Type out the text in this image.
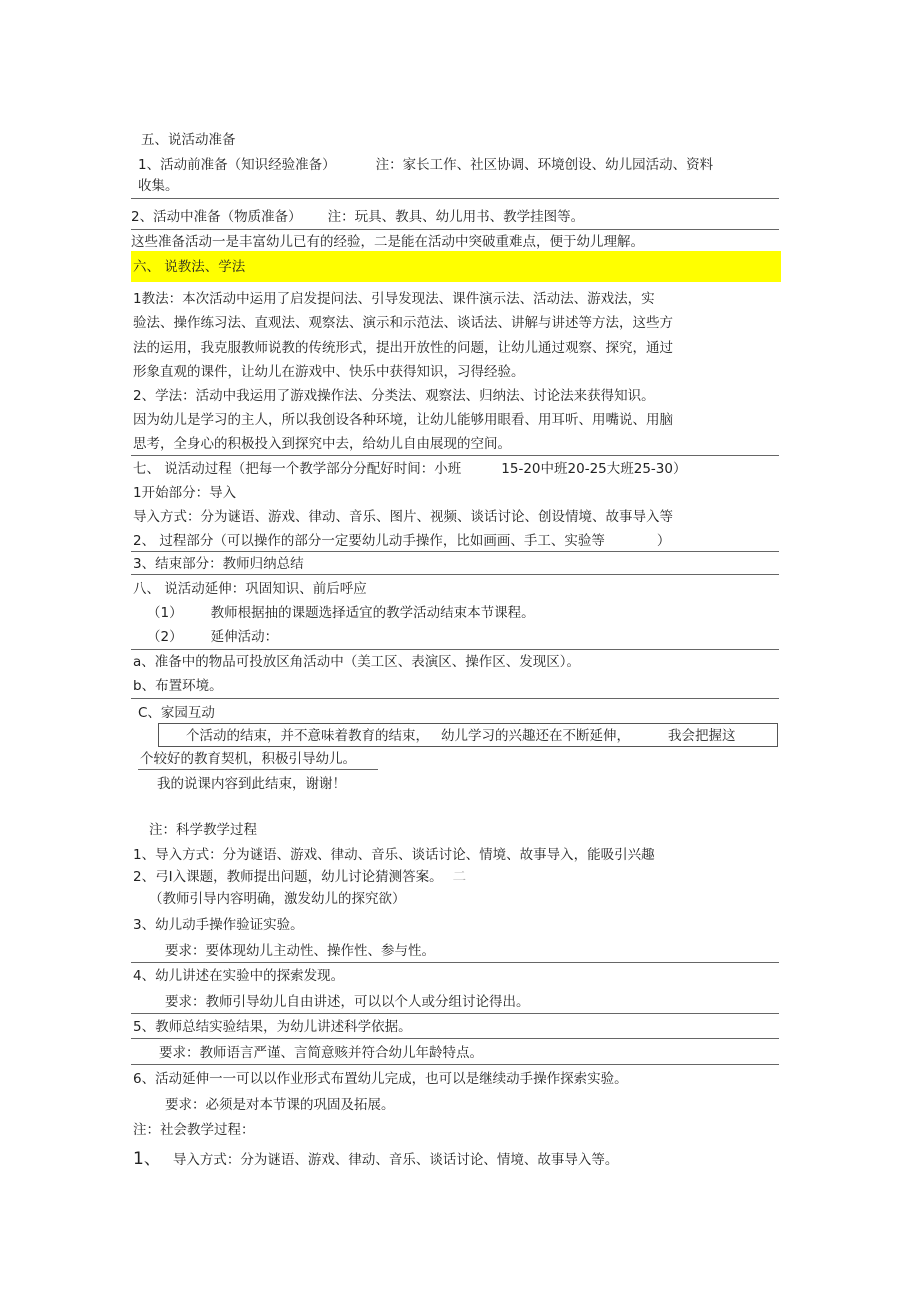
五、说活动准备
1、活动前准备（知识经验准备）	注：家长工作、社区协调、环境创设、幼儿园活动、资料
收集。
2、活动中准备（物质准备） 注：玩具、教具、幼儿用书、教学挂图等。
这些准备活动一是丰富幼儿已有的经验，二是能在活动中突破重难点，便于幼儿理解。
六、 说教法、学法
1教法：本次活动中运用了启发提问法、引导发现法、课件演示法、活动法、游戏法，实
验法、操作练习法、直观法、观察法、演示和示范法、谈话法、讲解与讲述等方法，这些方
法的运用，我克服教师说教的传统形式，提出开放性的问题，让幼儿通过观察、探究，通过
形象直观的课件，让幼儿在游戏中、快乐中获得知识，习得经验。
2、学法：活动中我运用了游戏操作法、分类法、观察法、归纳法、讨论法来获得知识。
因为幼儿是学习的主人，所以我创设各种环境，让幼儿能够用眼看、用耳听、用嘴说、用脑
思考，全身心的积极投入到探究中去，给幼儿自由展现的空间。
七、 说活动过程（把每一个教学部分分配好时间：小班	15-20中班20-25大班25-30）
1开始部分：导入
导入方式：分为谜语、游戏、律动、音乐、图片、视频、谈话讨论、创设情境、故事导入等
2、 过程部分（可以操作的部分一定要幼儿动手操作，比如画画、手工、实验等	）
3、结束部分：教师归纳总结
八、 说活动延伸：巩固知识、前后呼应
（1） 教师根据抽的课题选择适宜的教学活动结束本节课程。
（2） 延伸活动：
a、准备中的物品可投放区角活动中（美工区、表演区、操作区、发现区）。
b、布置环境。
C、家园互动
个活动的结束，并不意味着教育的结束， 幼儿学习的兴趣还在不断延伸，	我会把握这
个较好的教育契机，积极引导幼儿。
我的说课内容到此结束，谢谢！
注：科学教学过程
1、导入方式：分为谜语、游戏、律动、音乐、谈话讨论、情境、故事导入，能吸引兴趣
2、弓I入课题，教师提出问题，幼儿讨论猜测答案。 二
（教师引导内容明确，激发幼儿的探究欲）
3、幼儿动手操作验证实验。
要求：要体现幼儿主动性、操作性、参与性。
4、幼儿讲述在实验中的探索发现。
要求：教师引导幼儿自由讲述，可以以个人或分组讨论得出。
5、教师总结实验结果，为幼儿讲述科学依据。
要求：教师语言严谨、言简意赅并符合幼儿年龄特点。
6、活动延伸一一可以以作业形式布置幼儿完成，也可以是继续动手操作探索实验。
要求：必须是对本节课的巩固及拓展。
注：社会教学过程：
1、 导入方式：分为谜语、游戏、律动、音乐、谈话讨论、情境、故事导入等。
